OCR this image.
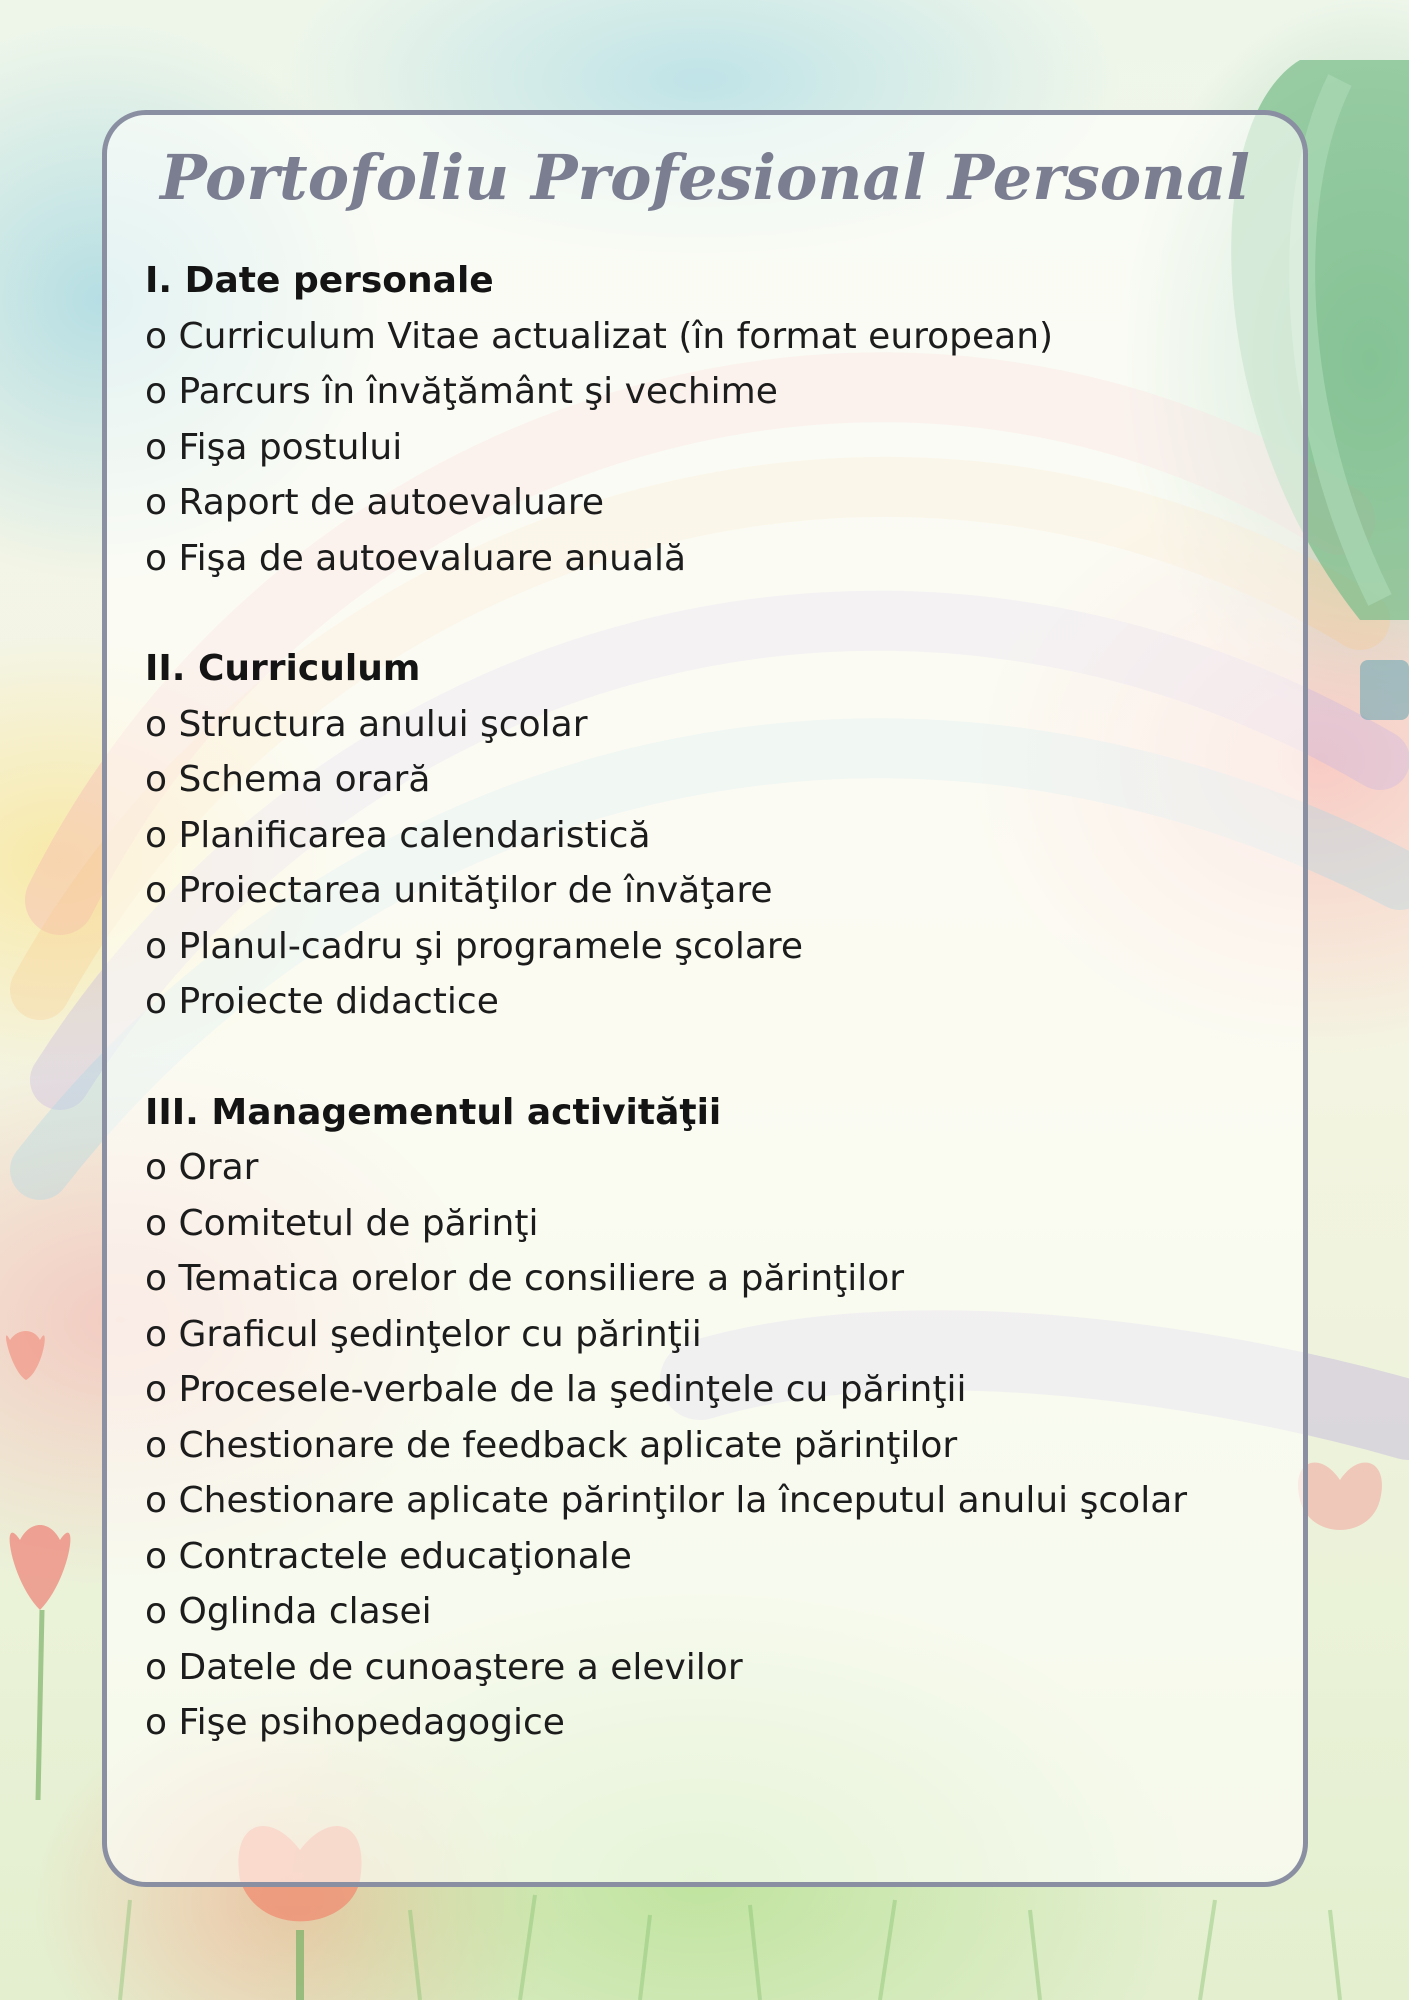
Portofoliu Profesional Personal
I. Date personale
o Curriculum Vitae actualizat (în format european)
o Parcurs în învăţământ şi vechime
o Fişa postului
o Raport de autoevaluare
o Fişa de autoevaluare anuală
II. Curriculum
o Structura anului şcolar
o Schema orară
o Planificarea calendaristică
o Proiectarea unităţilor de învăţare
o Planul-cadru şi programele şcolare
o Proiecte didactice
III. Managementul activităţii
o Orar
o Comitetul de părinţi
o Tematica orelor de consiliere a părinţilor
o Graficul şedinţelor cu părinţii
o Procesele-verbale de la şedinţele cu părinţii
o Chestionare de feedback aplicate părinţilor
o Chestionare aplicate părinţilor la începutul anului şcolar
o Contractele educaţionale
o Oglinda clasei
o Datele de cunoaştere a elevilor
o Fişe psihopedagogice
